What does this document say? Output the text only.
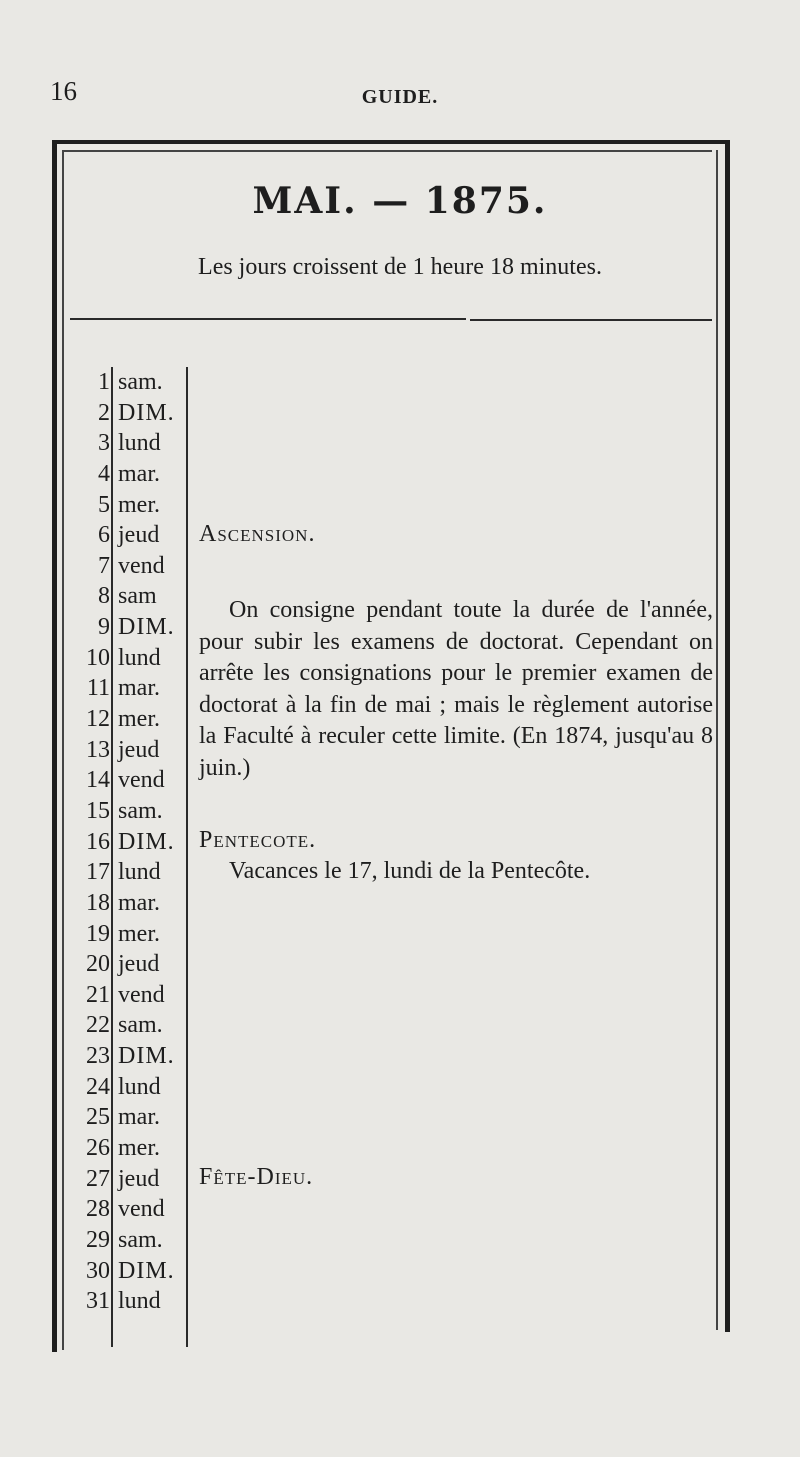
16	GUIDE.
MAI. — 1875.
Les jours croissent de 1 heure 18 minutes.
1 sam.
2 DIM.
3 lund
4 mar.
5 mer.
6 jeud
7 vend
8 sam
9 DIM.
10 lund
11 mar.
12 mer.
13 jeud
14 vend
15 sam.
16 DIM.
17 lund
18 mar.
19 mer.
20 jeud
21 vend
22 sam.
23 DIM.
24 lund
25 mar.
26 mer.
27 jeud
28 vend
29 sam.
30 DIM.
31 lund
Ascension.
On consigne pendant toute la durée de l'année, pour subir les examens de doctorat. Cependant on arrête les consignations pour le premier examen de doctorat à la fin de mai ; mais le règlement autorise la Faculté à reculer cette limite. (En 1874, jusqu'au 8 juin.)
Pentecote.
Vacances le 17, lundi de la Pentecôte.
Fête-Dieu.
